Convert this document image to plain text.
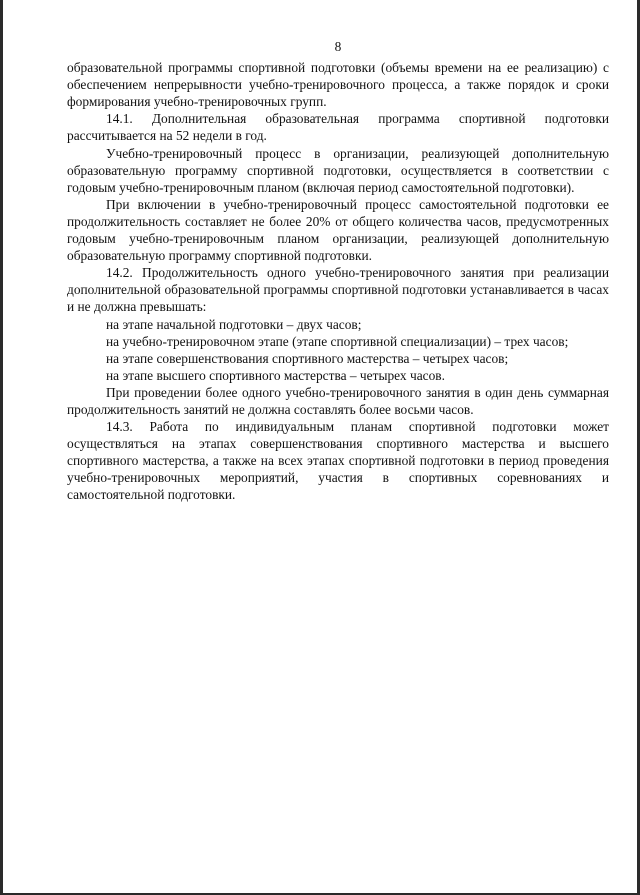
8

образовательной программы спортивной подготовки (объемы времени на ее реализацию) с обеспечением непрерывности учебно-тренировочного процесса, а также порядок и сроки формирования учебно-тренировочных групп.

14.1. Дополнительная образовательная программа спортивной подготовки рассчитывается на 52 недели в год.

Учебно-тренировочный процесс в организации, реализующей дополнительную образовательную программу спортивной подготовки, осуществляется в соответствии с годовым учебно-тренировочным планом (включая период самостоятельной подготовки).

При включении в учебно-тренировочный процесс самостоятельной подготовки ее продолжительность составляет не более 20% от общего количества часов, предусмотренных годовым учебно-тренировочным планом организации, реализующей дополнительную образовательную программу спортивной подготовки.

14.2. Продолжительность одного учебно-тренировочного занятия при реализации дополнительной образовательной программы спортивной подготовки устанавливается в часах и не должна превышать:

на этапе начальной подготовки – двух часов;

на учебно-тренировочном этапе (этапе спортивной специализации) – трех часов;

на этапе совершенствования спортивного мастерства – четырех часов;

на этапе высшего спортивного мастерства – четырех часов.

При проведении более одного учебно-тренировочного занятия в один день суммарная продолжительность занятий не должна составлять более восьми часов.

14.3. Работа по индивидуальным планам спортивной подготовки может осуществляться на этапах совершенствования спортивного мастерства и высшего спортивного мастерства, а также на всех этапах спортивной подготовки в период проведения учебно-тренировочных мероприятий, участия в спортивных соревнованиях и самостоятельной подготовки.
